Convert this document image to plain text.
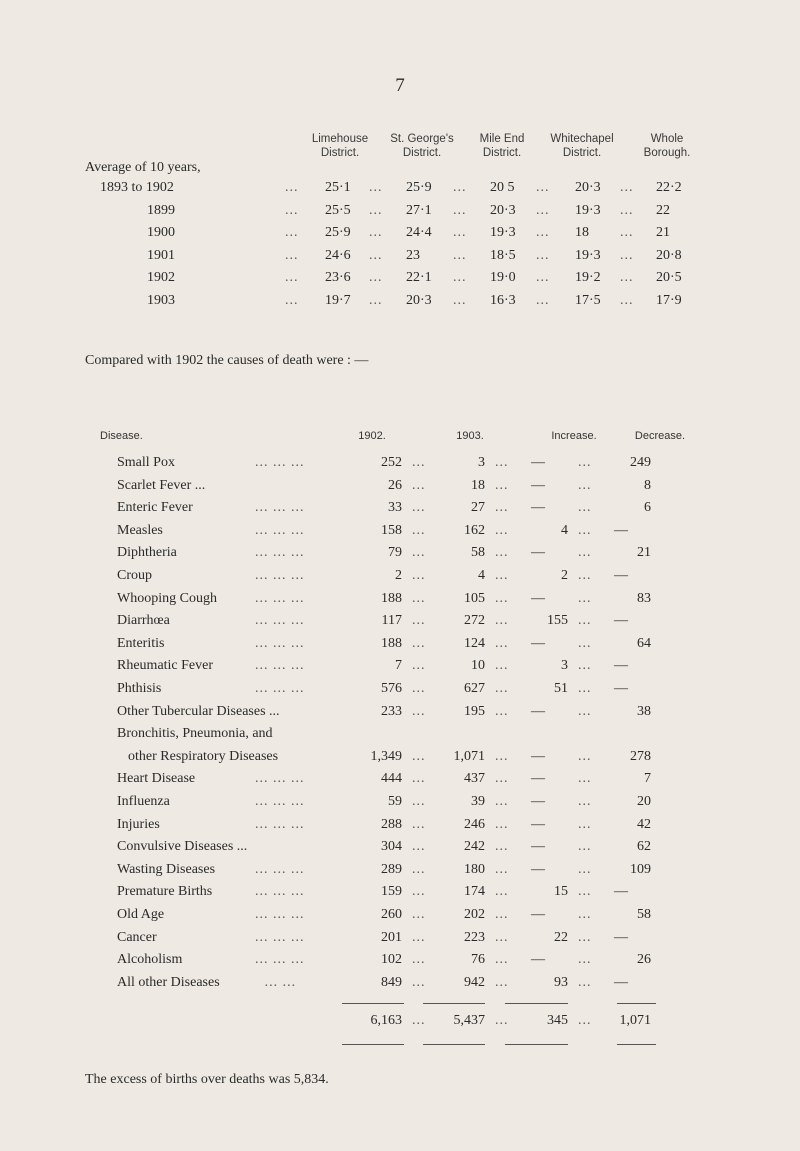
7
Limehouse
District.
St. George's
District.
Mile End
District.
Whitechapel
District.
Whole
Borough.
Average of 10 years,
1893 to 1902	... 25·1 ... 25·9 ... 20 5 ... 20·3 ... 22·2
1899	... 25·5 ... 27·1 ... 20·3 ... 19·3 ... 22
1900	... 25·9 ... 24·4 ... 19·3 ... 18 ... 21
1901	... 24·6 ... 23 ... 18·5 ... 19·3 ... 20·8
1902	... 23·6 ... 22·1 ... 19·0 ... 19·2 ... 20·5
1903	... 19·7 ... 20·3 ... 16·3 ... 17·5 ... 17·9
Compared with 1902 the causes of death were : —
Disease.	1902.	1903.	Increase.	Decrease.
Small Pox	... ... ...	252 ...	3 ...	—	...	249
Scarlet Fever ...	26 ...	18 ...	—	...	8
Enteric Fever	... ... ...	33 ...	27 ...	—	...	6
Measles	... ... ...	158 ...	162 ...	4 ...	—
Diphtheria	... ... ...	79 ...	58 ...	—	...	21
Croup	... ... ...	2 ...	4 ...	2 ...	—
Whooping Cough	... ... ...	188 ...	105 ...	—	...	83
Diarrhœa	... ... ...	117 ...	272 ...	155 ...	—
Enteritis	... ... ...	188 ...	124 ...	—	...	64
Rheumatic Fever	... ... ...	7 ...	10 ...	3 ...	—
Phthisis	... ... ...	576 ...	627 ...	51 ...	—
Other Tubercular Diseases ...	233 ...	195 ...	—	...	38
Bronchitis, Pneumonia, and
other Respiratory Diseases	1,349 ...	1,071 ...	—	...	278
Heart Disease	... ... ...	444 ...	437 ...	—	...	7
Influenza	... ... ...	59 ...	39 ...	—	...	20
Injuries	... ... ...	288 ...	246 ...	—	...	42
Convulsive Diseases ...	304 ...	242 ...	—	...	62
Wasting Diseases	... ... ...	289 ...	180 ...	—	...	109
Premature Births	... ... ...	159 ...	174 ...	15 ...	—
Old Age	... ... ...	260 ...	202 ...	—	...	58
Cancer	... ... ...	201 ...	223 ...	22 ...	—
Alcoholism	... ... ...	102 ...	76 ...	—	...	26
All other Diseases	... ...	849 ...	942 ...	93 ...	—
6,163 ...	5,437 ...	345 ...	1,071
The excess of births over deaths was 5,834.
